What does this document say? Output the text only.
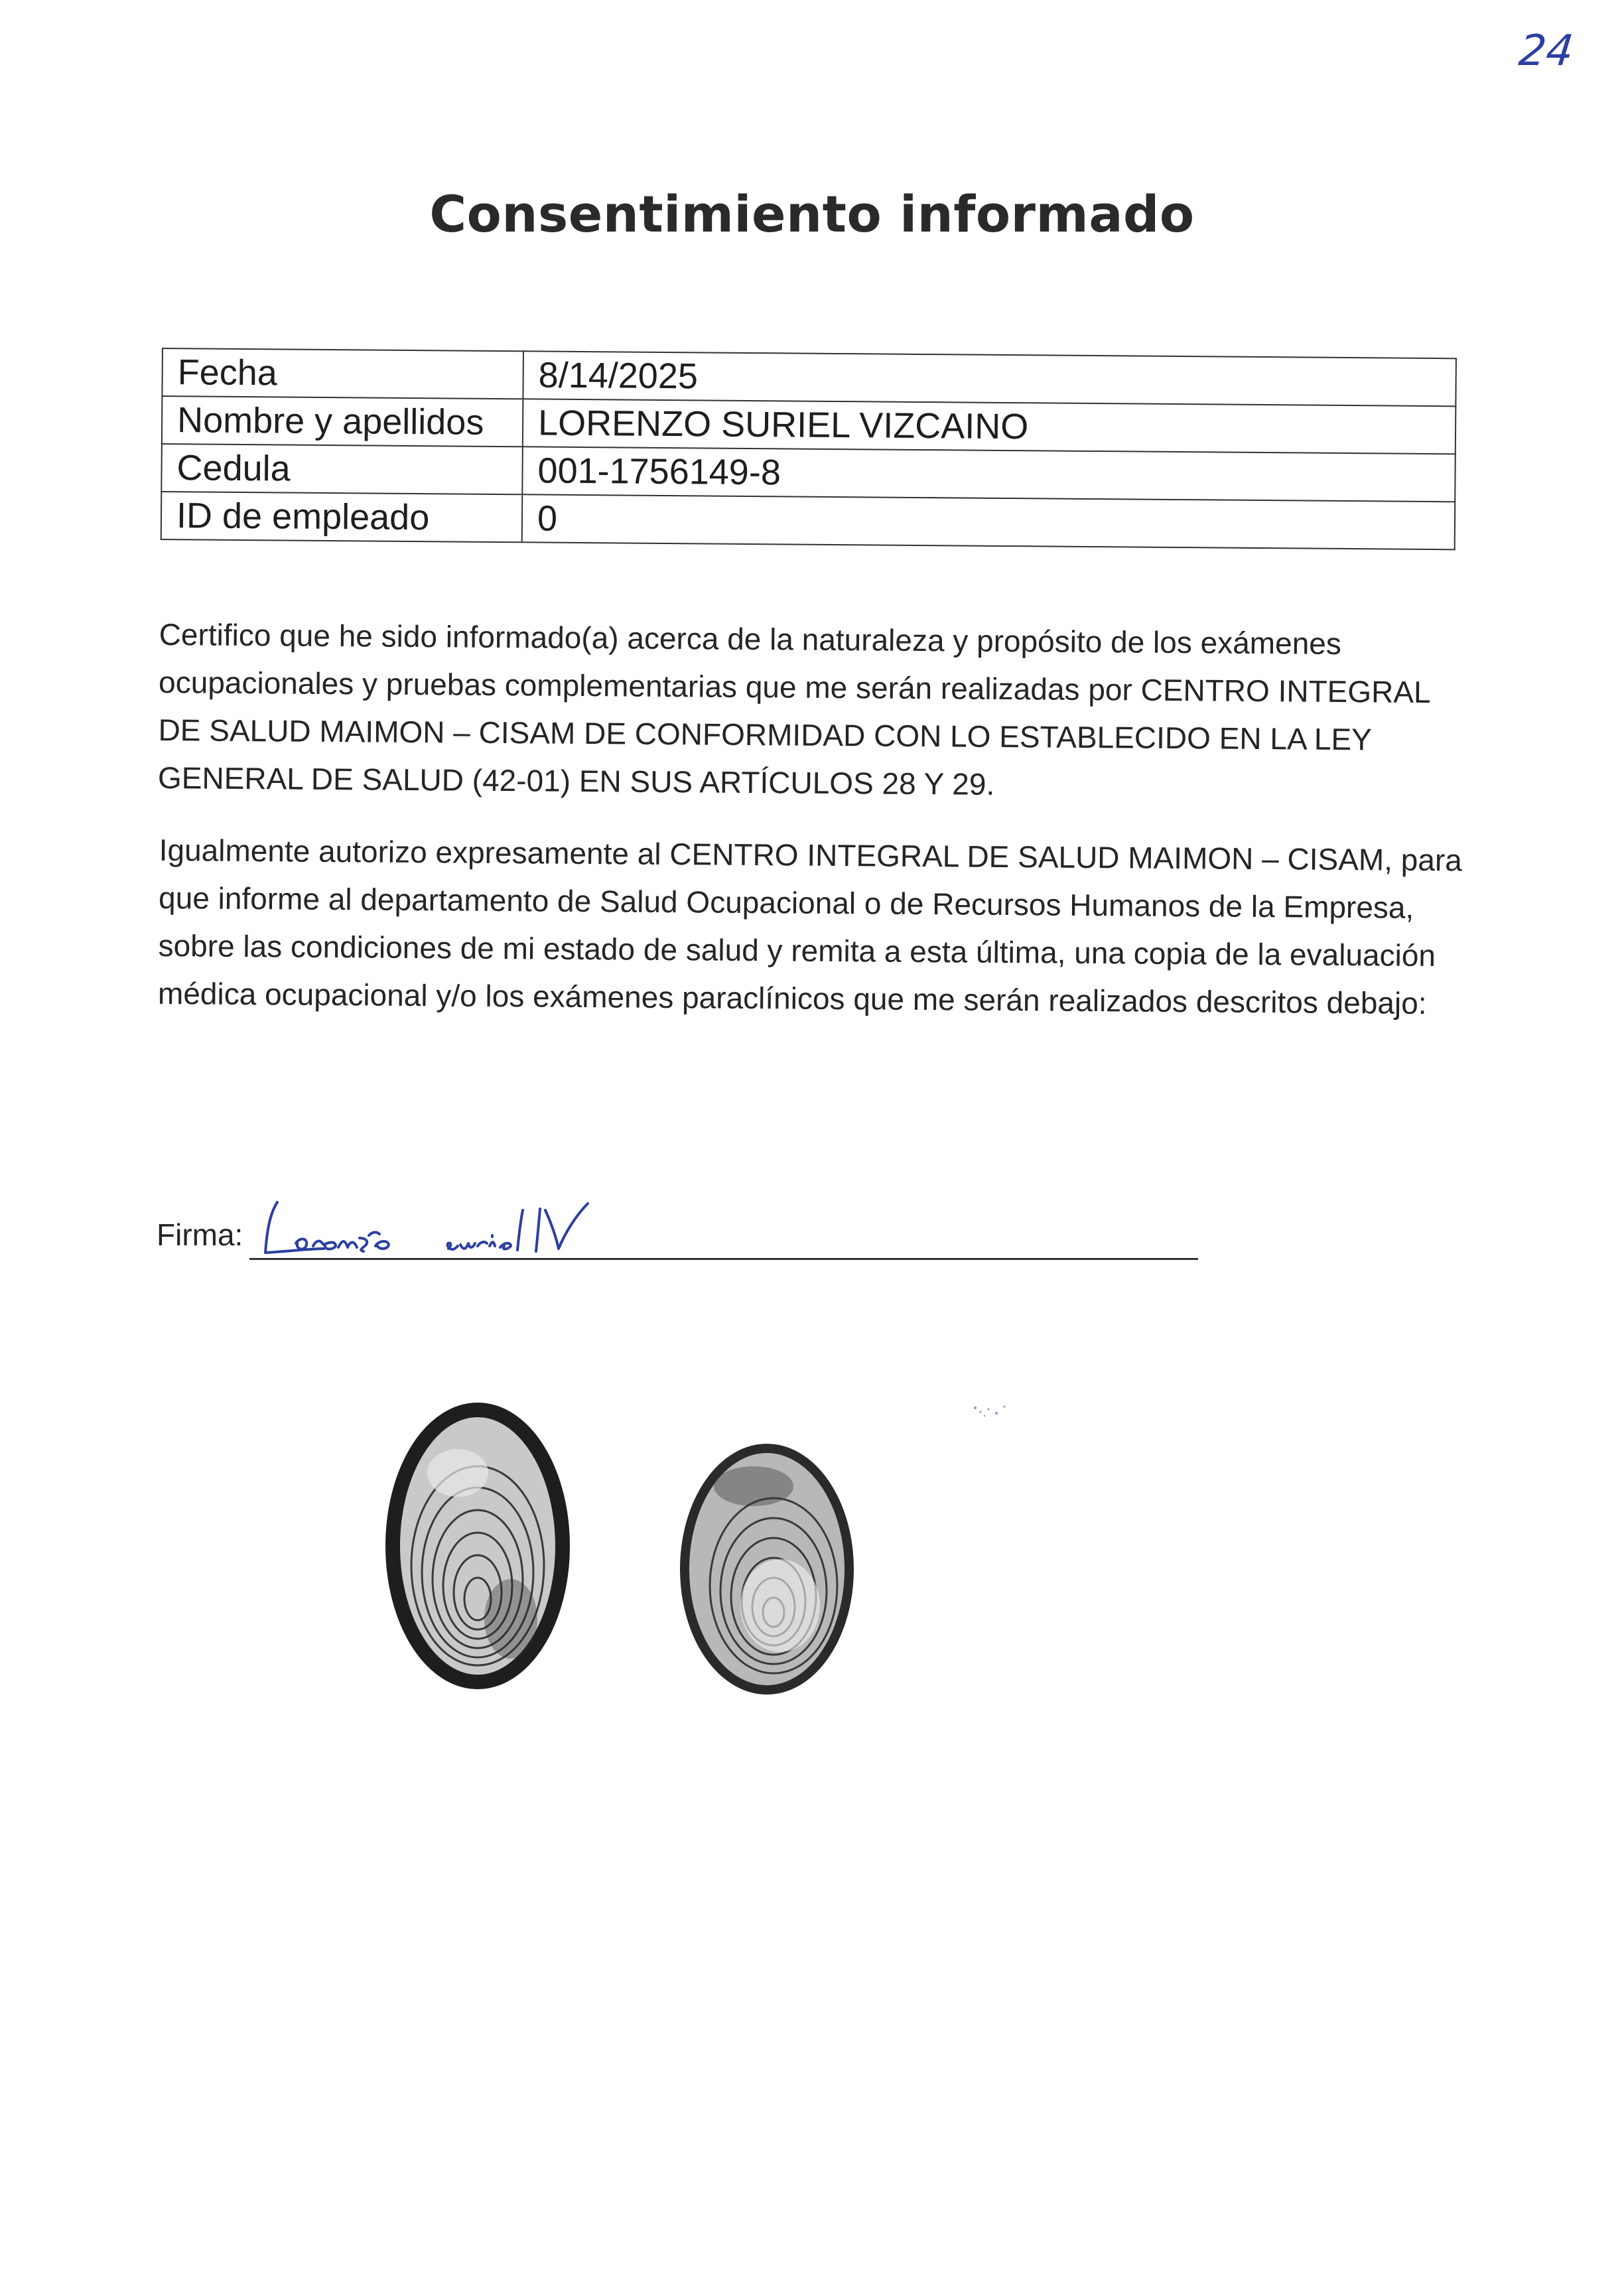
24
Consentimiento informado
Fecha	8/14/2025
Nombre y apellidos	LORENZO SURIEL VIZCAINO
Cedula	001-1756149-8
ID de empleado	0
Certifico que he sido informado(a) acerca de la naturaleza y propósito de los exámenes ocupacionales y pruebas complementarias que me serán realizadas por CENTRO INTEGRAL DE SALUD MAIMON – CISAM DE CONFORMIDAD CON LO ESTABLECIDO EN LA LEY GENERAL DE SALUD (42-01) EN SUS ARTÍCULOS 28 Y 29.
Igualmente autorizo expresamente al CENTRO INTEGRAL DE SALUD MAIMON – CISAM, para que informe al departamento de Salud Ocupacional o de Recursos Humanos de la Empresa, sobre las condiciones de mi estado de salud y remita a esta última, una copia de la evaluación médica ocupacional y/o los exámenes paraclínicos que me serán realizados descritos debajo:
Firma:
